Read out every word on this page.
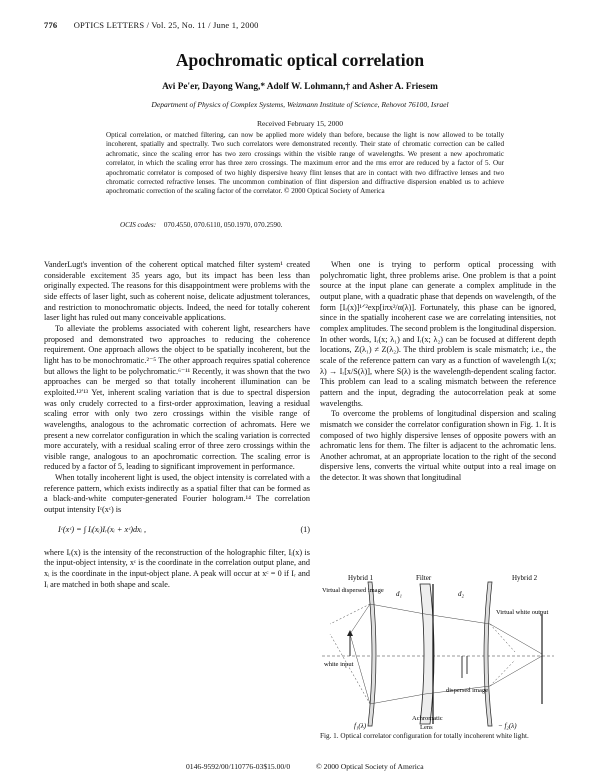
776 OPTICS LETTERS / Vol. 25, No. 11 / June 1, 2000
Apochromatic optical correlation
Avi Pe'er, Dayong Wang,* Adolf W. Lohmann,† and Asher A. Friesem
Department of Physics of Complex Systems, Weizmann Institute of Science, Rehovot 76100, Israel
Received February 15, 2000
Optical correlation, or matched filtering, can now be applied more widely than before, because the light is now allowed to be totally incoherent, spatially and spectrally. Two such correlators were demonstrated recently. Their state of chromatic correction can be called achromatic, since the scaling error has two zero crossings within the visible range of wavelengths. We present a new apochromatic correlator, in which the scaling error has three zero crossings. The maximum error and the rms error are reduced by a factor of 5. Our apochromatic correlator is composed of two highly dispersive heavy flint lenses that are in contact with two diffractive lenses and two chromatic corrected refractive lenses. The uncommon combination of flint dispersion and diffractive dispersion enabled us to achieve apochromatic correction of the scaling factor of the correlator. © 2000 Optical Society of America
OCIS codes: 070.4550, 070.6110, 050.1970, 070.2590.

VanderLugt's invention of the coherent optical matched filter system¹ created considerable excitement 35 years ago, but its impact has been less than originally expected. The reasons for this disappointment were problems with the side effects of laser light, such as coherent noise, delicate adjustment tolerances, and restriction to monochromatic objects. Indeed, the need for totally coherent laser light has ruled out many conceivable applications.

To alleviate the problems associated with coherent light, researchers have proposed and demonstrated two approaches to reducing the coherence requirement. One approach allows the object to be spatially incoherent, but the light has to be monochromatic.²⁻⁵ The other approach requires spatial coherence but allows the light to be polychromatic.⁶⁻¹¹ Recently, it was shown that the two approaches can be merged so that totally incoherent illumination can be exploited.¹²ʹ¹³ Yet, inherent scaling variation that is due to spectral dispersion was only crudely corrected to a first-order approximation, leaving a residual scaling error with only two zero crossings within the visible range of wavelengths, analogous to the achromatic correction of achromats. Here we present a new correlator configuration in which the scaling variation is corrected more accurately, with a residual scaling error of three zero crossings within the visible range, analogous to an apochromatic correction. The scaling error is reduced by a factor of 5, leading to significant improvement in performance.

When totally incoherent light is used, the object intensity is correlated with a reference pattern, which exists indirectly as a spatial filter that can be formed as a black-and-white computer-generated Fourier hologram.¹⁴ The correlation output intensity Iᶜ(xᶜ) is

Iᶜ(xᶜ) = ∫ Iᵢ(xᵢ)Iᵣ(xᵢ + xᶜ)dxᵢ ,	(1)

where Iᵣ(x) is the intensity of the reconstruction of the holographic filter, Iᵢ(x) is the input-object intensity, xᶜ is the coordinate in the correlation output plane, and xᵢ is the coordinate in the input-object plane. A peak will occur at xᶜ = 0 if Iᵣ and Iᵢ are matched in both shape and scale.

When one is trying to perform optical processing with polychromatic light, three problems arise. One problem is that a point source at the input plane can generate a complex amplitude in the output plane, with a quadratic phase that depends on wavelength, of the form [Iᵣ(x)]¹ᐟ²exp[iπx²/α(λ)]. Fortunately, this phase can be ignored, since in the spatially incoherent case we are correlating intensities, not complex amplitudes. The second problem is the longitudinal dispersion. In other words, Iᵣ(x; λ₁) and Iᵣ(x; λ₂) can be focused at different depth locations, Z(λ₁) ≠ Z(λ₂). The third problem is scale mismatch; i.e., the scale of the reference pattern can vary as a function of wavelength Iᵣ(x; λ) → Iᵣ[x/S(λ)], where S(λ) is the wavelength-dependent scaling factor. This problem can lead to a scaling mismatch between the reference pattern and the input, degrading the autocorrelation peak at some wavelengths.

To overcome the problems of longitudinal dispersion and scaling mismatch we consider the correlator configuration shown in Fig. 1. It is composed of two highly dispersive lenses of opposite powers with an achromatic lens for them. The filter is adjacent to the achromatic lens. Another achromat, at an appropriate location to the right of the second dispersive lens, converts the virtual white output into a real image on the detector. It was shown that longitudinal

Hybrid 1	Filter	Hybrid 2
d₁	d₂
Virtual dispersed image
Virtual white output
white input
dispersed image
f₁(λ)
Achromatic
Lens	− f₂(λ)
Fig. 1. Optical correlator configuration for totally incoherent white light.
0146-9592/00/110776-03$15.00/0	© 2000 Optical Society of America
